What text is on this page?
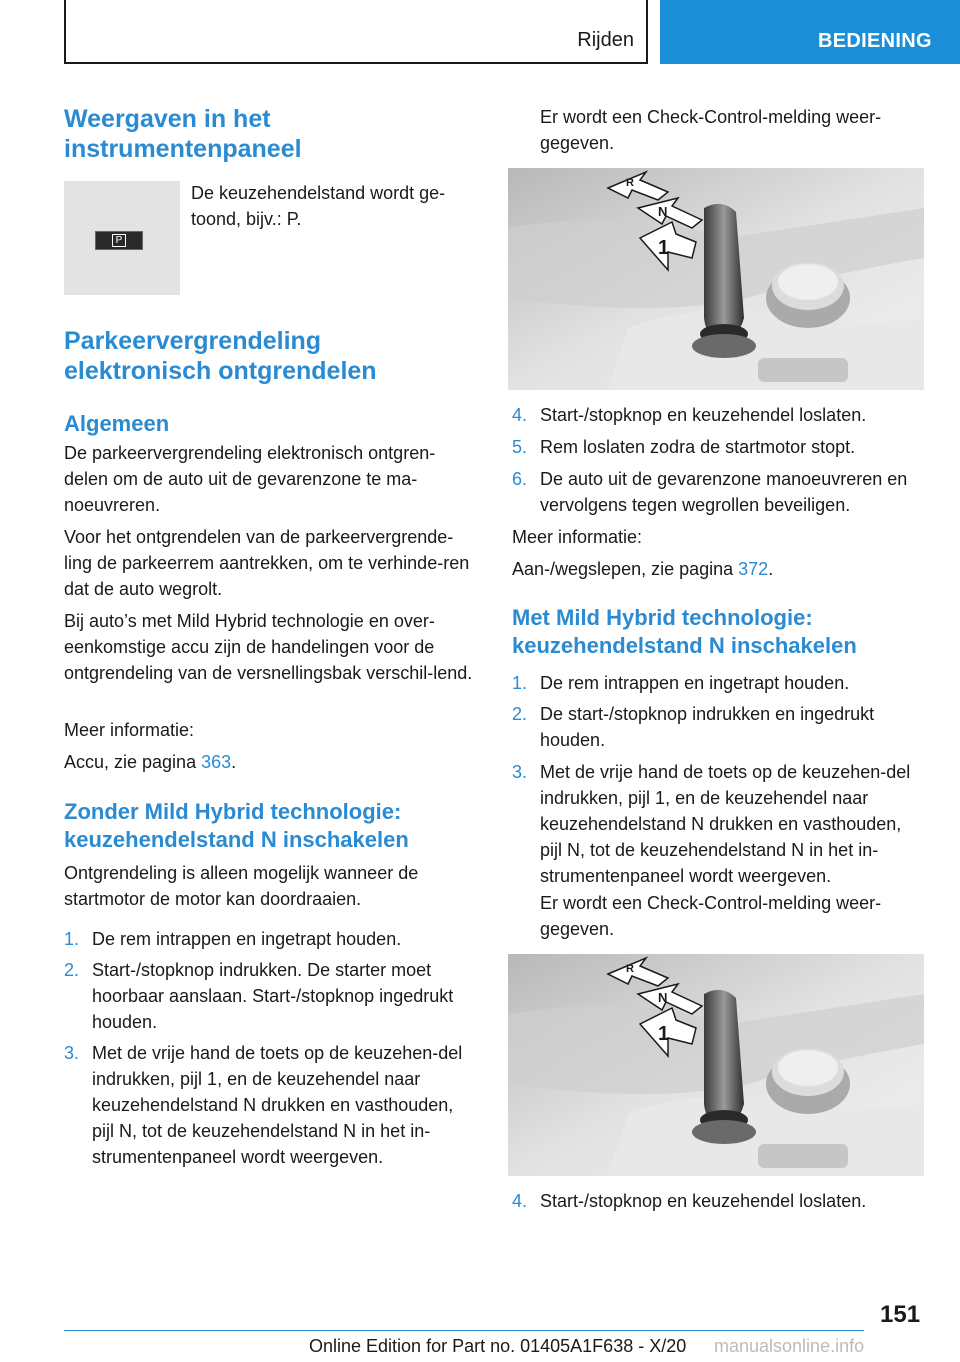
Rijden	BEDIENING
Weergaven in het instrumentenpaneel
P

De keuzehendelstand wordt ge-toond, bijv.: P.

Parkeervergrendeling elektronisch ontgrendelen
Algemeen

De parkeervergrendeling elektronisch ontgren-delen om de auto uit de gevarenzone te ma-noeuvreren.

Voor het ontgrendelen van de parkeervergrende-ling de parkeerrem aantrekken, om te verhinde-ren dat de auto wegrolt.

Bij auto’s met Mild Hybrid technologie en over-eenkomstige accu zijn de handelingen voor de ontgrendeling van de versnellingsbak verschil-lend.

Meer informatie:

Accu, zie pagina 363.

Zonder Mild Hybrid technologie: keuzehendelstand N inschakelen

Ontgrendeling is alleen mogelijk wanneer de startmotor de motor kan doordraaien.

1. De rem intrappen en ingetrapt houden.
2. Start-/stopknop indrukken. De starter moet hoorbaar aanslaan. Start-/stopknop ingedrukt houden.
3. Met de vrije hand de toets op de keuzehen-del indrukken, pijl 1, en de keuzehendel naar keuzehendelstand N drukken en vasthouden, pijl N, tot de keuzehendelstand N in het in-strumentenpaneel wordt weergeven.

Er wordt een Check-Control-melding weer-gegeven.

R
N
1
4. Start-/stopknop en keuzehendel loslaten.
5. Rem loslaten zodra de startmotor stopt.
6. De auto uit de gevarenzone manoeuvreren en vervolgens tegen wegrollen beveiligen.

Meer informatie:

Aan-/wegslepen, zie pagina 372.

Met Mild Hybrid technologie: keuzehendelstand N inschakelen
1. De rem intrappen en ingetrapt houden.
2. De start-/stopknop indrukken en ingedrukt houden.
3. Met de vrije hand de toets op de keuzehen-del indrukken, pijl 1, en de keuzehendel naar keuzehendelstand N drukken en vasthouden, pijl N, tot de keuzehendelstand N in het in-strumentenpaneel wordt weergeven.

Er wordt een Check-Control-melding weer-gegeven.

R
N
1
4. Start-/stopknop en keuzehendel loslaten.
151
Online Edition for Part no. 01405A1F638 - X/20 manualsonline.info
